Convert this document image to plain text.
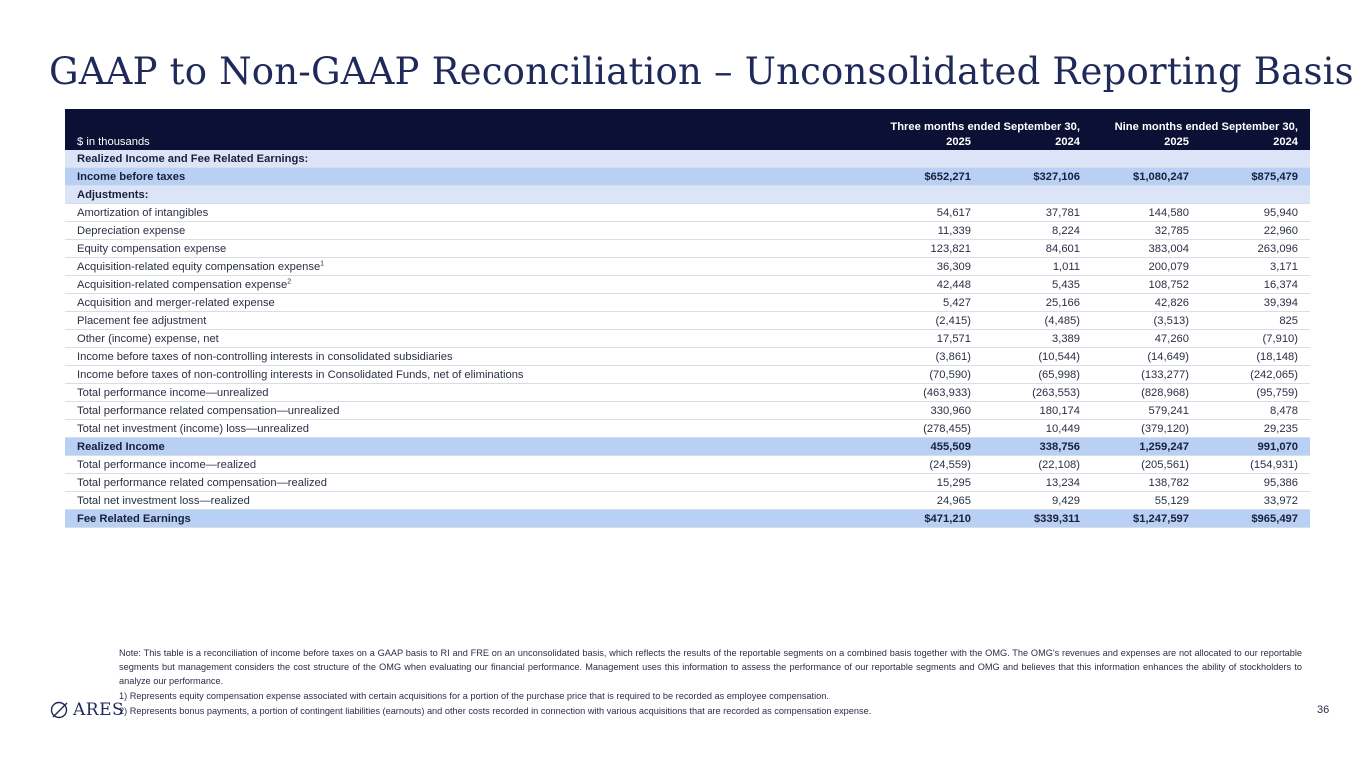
GAAP to Non-GAAP Reconciliation – Unconsolidated Reporting Basis
	Three months ended September 30,		Nine months ended September 30,	
$ in thousands	2025	2024	2025	2024
Realized Income and Fee Related Earnings:				
Income before taxes	$652,271	$327,106	$1,080,247	$875,479
Adjustments:				
Amortization of intangibles	54,617	37,781	144,580	95,940
Depreciation expense	11,339	8,224	32,785	22,960
Equity compensation expense	123,821	84,601	383,004	263,096
Acquisition-related equity compensation expense$^1$	36,309	1,011	200,079	3,171
Acquisition-related compensation expense$^2$	42,448	5,435	108,752	16,374
Acquisition and merger-related expense	5,427	25,166	42,826	39,394
Placement fee adjustment	(2,415)	(4,485)	(3,513)	825
Other (income) expense, net	17,571	3,389	47,260	(7,910)
Income before taxes of non-controlling interests in consolidated subsidiaries	(3,861)	(10,544)	(14,649)	(18,148)
Income before taxes of non-controlling interests in Consolidated Funds, net of eliminations	(70,590)	(65,998)	(133,277)	(242,065)
Total performance income—unrealized	(463,933)	(263,553)	(828,968)	(95,759)
Total performance related compensation—unrealized	330,960	180,174	579,241	8,478
Total net investment (income) loss—unrealized	(278,455)	10,449	(379,120)	29,235
Realized Income	455,509	338,756	1,259,247	991,070
Total performance income—realized	(24,559)	(22,108)	(205,561)	(154,931)
Total performance related compensation—realized	15,295	13,234	138,782	95,386
Total net investment loss—realized	24,965	9,429	55,129	33,972
Fee Related Earnings	$471,210	$339,311	$1,247,597	$965,497
Note: This table is a reconciliation of income before taxes on a GAAP basis to RI and FRE on an unconsolidated basis, which reflects the results of the reportable segments on a combined basis together with the OMG. The OMG's revenues and expenses are not allocated to our reportable segments but management considers the cost structure of the OMG when evaluating our financial performance. Management uses this information to assess the performance of our reportable segments and OMG and believes that this information enhances the ability of stockholders to analyze our performance.
1) Represents equity compensation expense associated with certain acquisitions for a portion of the purchase price that is required to be recorded as employee compensation.
2) Represents bonus payments, a portion of contingent liabilities (earnouts) and other costs recorded in connection with various acquisitions that are recorded as compensation expense.
ARES	36
